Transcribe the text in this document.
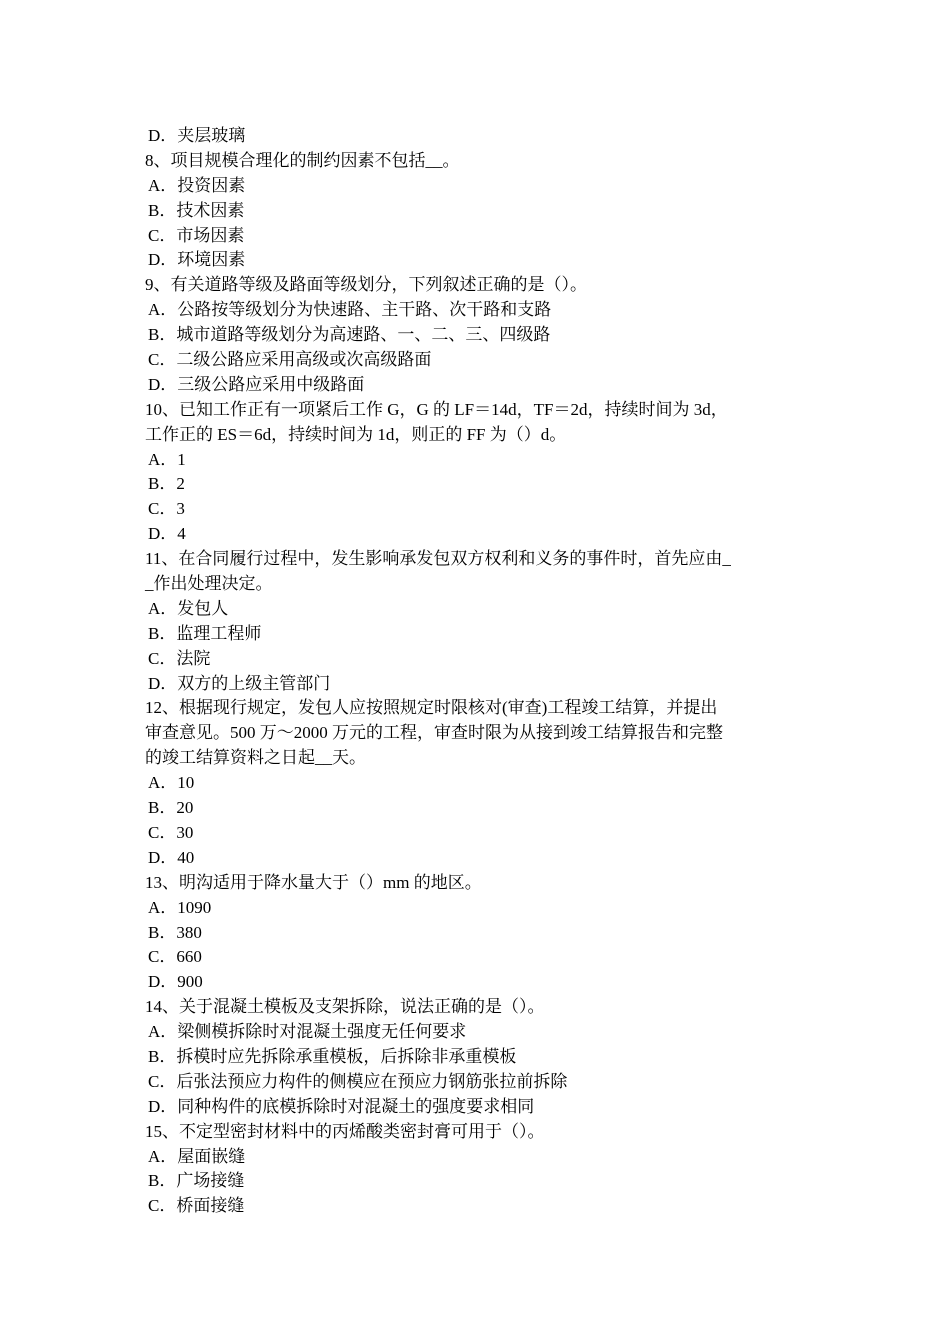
D．夹层玻璃
8、项目规模合理化的制约因素不包括__。
A．投资因素
B．技术因素
C．市场因素
D．环境因素
9、有关道路等级及路面等级划分，下列叙述正确的是（）。
A．公路按等级划分为快速路、主干路、次干路和支路
B．城市道路等级划分为高速路、一、二、三、四级路
C．二级公路应采用高级或次高级路面
D．三级公路应采用中级路面
10、已知工作正有一项紧后工作 G，G 的 LF＝14d，TF＝2d，持续时间为 3d，
工作正的 ES＝6d，持续时间为 1d，则正的 FF 为（）d。
A．1
B．2
C．3
D．4
11、在合同履行过程中，发生影响承发包双方权利和义务的事件时，首先应由_
_作出处理决定。
A．发包人
B．监理工程师
C．法院
D．双方的上级主管部门
12、根据现行规定，发包人应按照规定时限核对(审查)工程竣工结算，并提出
审查意见。500 万～2000 万元的工程，审查时限为从接到竣工结算报告和完整
的竣工结算资料之日起__天。
A．10
B．20
C．30
D．40
13、明沟适用于降水量大于（）mm 的地区。
A．1090
B．380
C．660
D．900
14、关于混凝土模板及支架拆除，说法正确的是（）。
A．梁侧模拆除时对混凝土强度无任何要求
B．拆模时应先拆除承重模板，后拆除非承重模板
C．后张法预应力构件的侧模应在预应力钢筋张拉前拆除
D．同种构件的底模拆除时对混凝土的强度要求相同
15、不定型密封材料中的丙烯酸类密封膏可用于（）。
A．屋面嵌缝
B．广场接缝
C．桥面接缝
